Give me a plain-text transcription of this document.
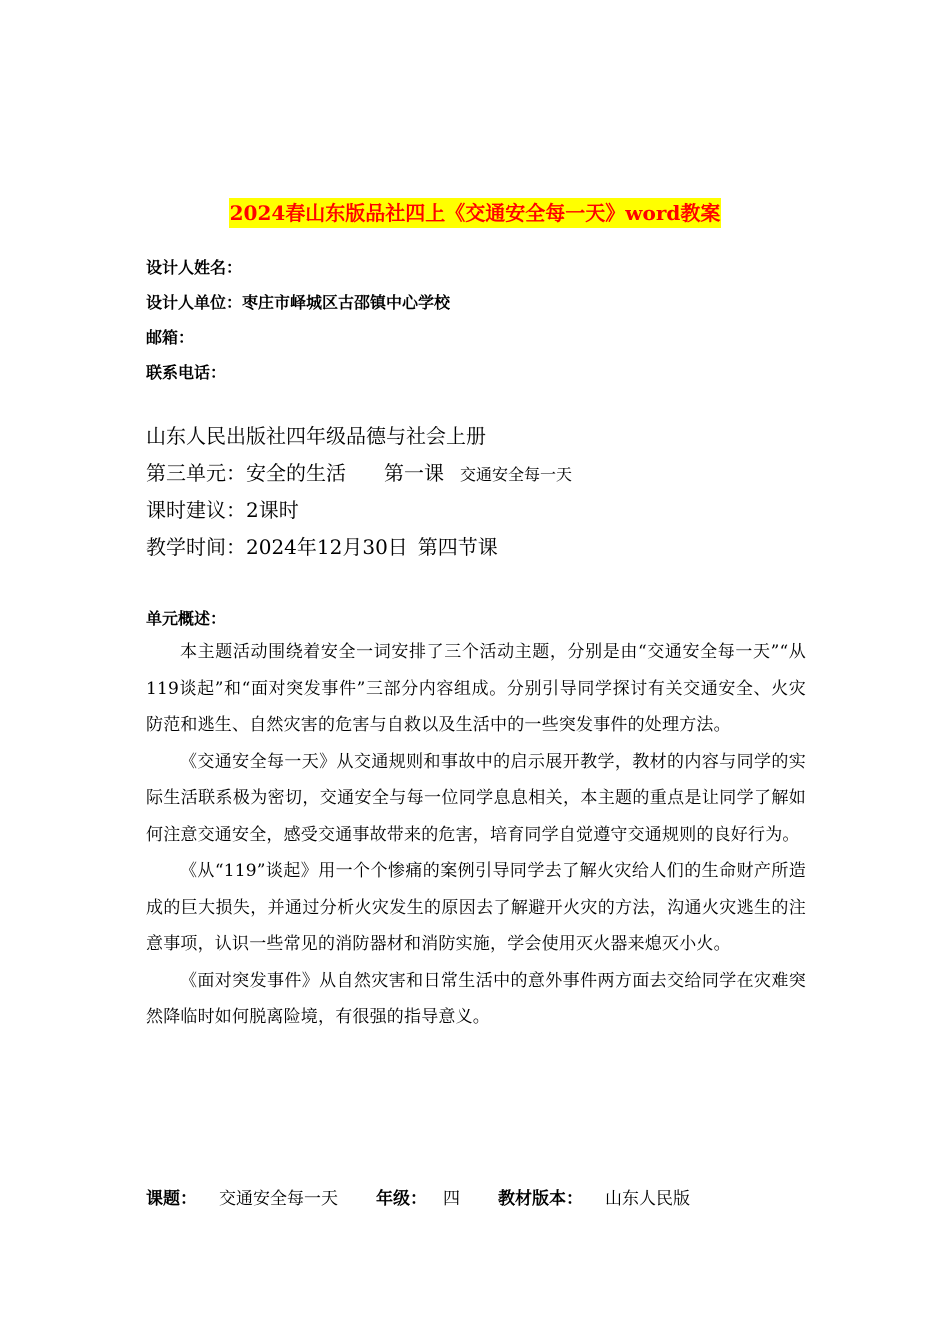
2024春山东版品社四上《交通安全每一天》word教案
设计人姓名：
设计人单位：枣庄市峄城区古邵镇中心学校
邮箱：
联系电话：
山东人民出版社四年级品德与社会上册
第三单元：安全的生活 第一课 交通安全每一天
课时建议：2课时
教学时间：2024年12月30日 第四节课
单元概述：

本主题活动围绕着安全一词安排了三个活动主题，分别是由“交通安全每一天”“从119谈起”和“面对突发事件”三部分内容组成。分别引导同学探讨有关交通安全、火灾防范和逃生、自然灾害的危害与自救以及生活中的一些突发事件的处理方法。

《交通安全每一天》从交通规则和事故中的启示展开教学，教材的内容与同学的实际生活联系极为密切，交通安全与每一位同学息息相关，本主题的重点是让同学了解如何注意交通安全，感受交通事故带来的危害，培育同学自觉遵守交通规则的良好行为。

《从“119”谈起》用一个个惨痛的案例引导同学去了解火灾给人们的生命财产所造成的巨大损失，并通过分析火灾发生的原因去了解避开火灾的方法，沟通火灾逃生的注意事项，认识一些常见的消防器材和消防实施，学会使用灭火器来熄灭小火。

《面对突发事件》从自然灾害和日常生活中的意外事件两方面去交给同学在灾难突然降临时如何脱离险境，有很强的指导意义。

课题： 交通安全每一天 年级： 四 教材版本： 山东人民版
